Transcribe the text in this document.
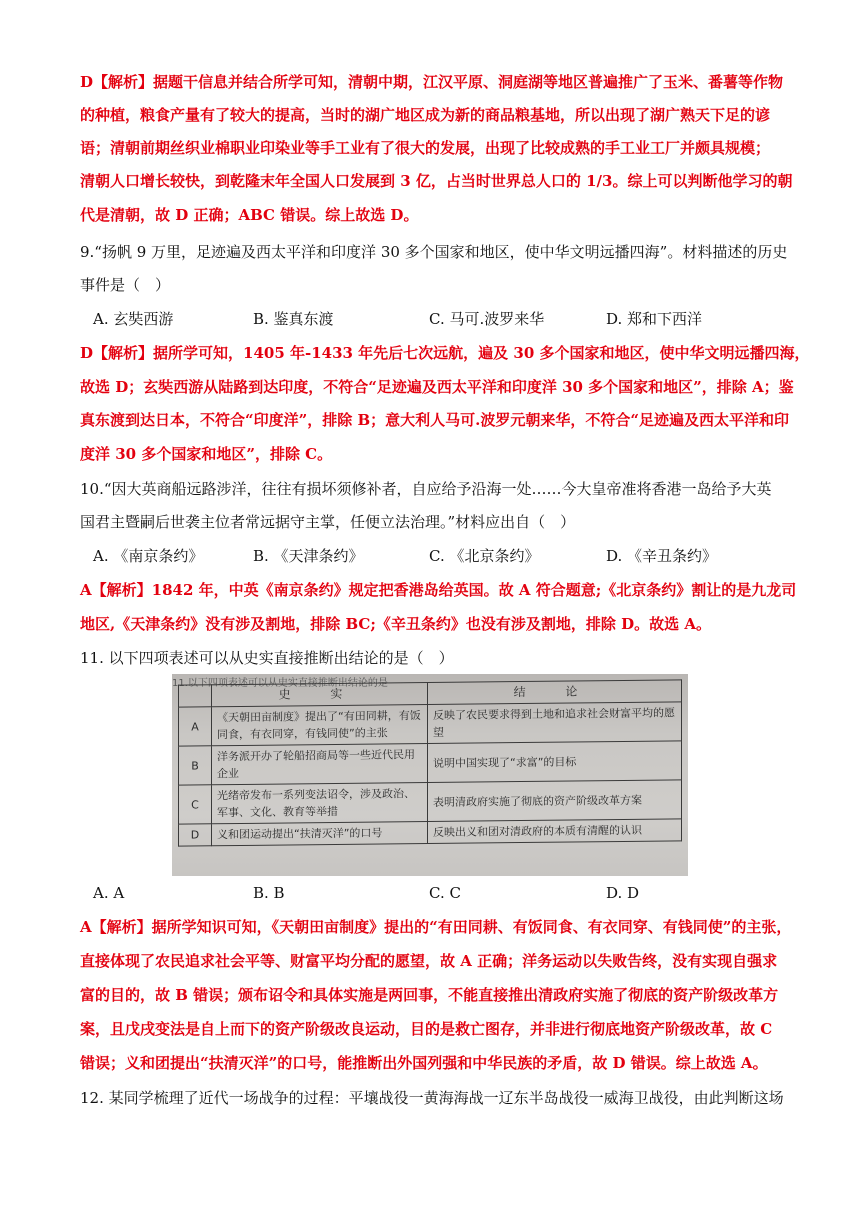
D【解析】据题干信息并结合所学可知，清朝中期，江汉平原、洞庭湖等地区普遍推广了玉米、番薯等作物
的种植，粮食产量有了较大的提高，当时的湖广地区成为新的商品粮基地，所以出现了湖广熟天下足的谚
语；清朝前期丝织业棉职业印染业等手工业有了很大的发展，出现了比较成熟的手工业工厂并颇具规模；
清朝人口增长较快，到乾隆末年全国人口发展到 3 亿，占当时世界总人口的 1/3。综上可以判断他学习的朝
代是清朝，故 D 正确；ABC 错误。综上故选 D。
9.“扬帆 9 万里，足迹遍及西太平洋和印度洋 30 多个国家和地区，使中华文明远播四海”。材料描述的历史
事件是（　）
A. 玄奘西游	B. 鉴真东渡	C. 马可.波罗来华	D. 郑和下西洋
D【解析】据所学可知，1405 年-1433 年先后七次远航，遍及 30 多个国家和地区，使中华文明远播四海，
故选 D；玄奘西游从陆路到达印度，不符合“足迹遍及西太平洋和印度洋 30 多个国家和地区”，排除 A；鉴
真东渡到达日本，不符合“印度洋”，排除 B；意大利人马可.波罗元朝来华，不符合“足迹遍及西太平洋和印
度洋 30 多个国家和地区”，排除 C。
10.“因大英商船远路涉洋，往往有损坏须修补者，自应给予沿海一处……今大皇帝准将香港一岛给予大英
国君主暨嗣后世袭主位者常远据守主掌，任便立法治理。”材料应出自（　）
A. 《南京条约》	B. 《天津条约》	C. 《北京条约》	D. 《辛丑条约》
A【解析】1842 年，中英《南京条约》规定把香港岛给英国。故 A 符合题意;《北京条约》割让的是九龙司
地区,《天津条约》没有涉及割地，排除 BC;《辛丑条约》也没有涉及割地，排除 D。故选 A。
11. 以下四项表述可以从史实直接推断出结论的是（　）
11.以下四项表述可以从史实直接推断出结论的是
	史 实	结 论
A	《天朝田亩制度》提出了“有田同耕，有饭同食，有衣同穿，有钱同使”的主张	反映了农民要求得到土地和追求社会财富平均的愿望
B	洋务派开办了轮船招商局等一些近代民用企业	说明中国实现了“求富”的目标
C	光绪帝发布一系列变法诏令，涉及政治、军事、文化、教育等举措	表明清政府实施了彻底的资产阶级改革方案
D	义和团运动提出“扶清灭洋”的口号	反映出义和团对清政府的本质有清醒的认识
A. A	B. B	C. C	D. D
A【解析】据所学知识可知，《天朝田亩制度》提出的“有田同耕、有饭同食、有衣同穿、有钱同使”的主张，
直接体现了农民追求社会平等、财富平均分配的愿望，故 A 正确；洋务运动以失败告终，没有实现自强求
富的目的，故 B 错误；颁布诏令和具体实施是两回事，不能直接推出清政府实施了彻底的资产阶级改革方
案，且戊戌变法是自上而下的资产阶级改良运动，目的是救亡图存，并非进行彻底地资产阶级改革，故 C
错误；义和团提出“扶清灭洋”的口号，能推断出外国列强和中华民族的矛盾，故 D 错误。综上故选 A。
12. 某同学梳理了近代一场战争的过程：平壤战役一黄海海战一辽东半岛战役一威海卫战役，由此判断这场
